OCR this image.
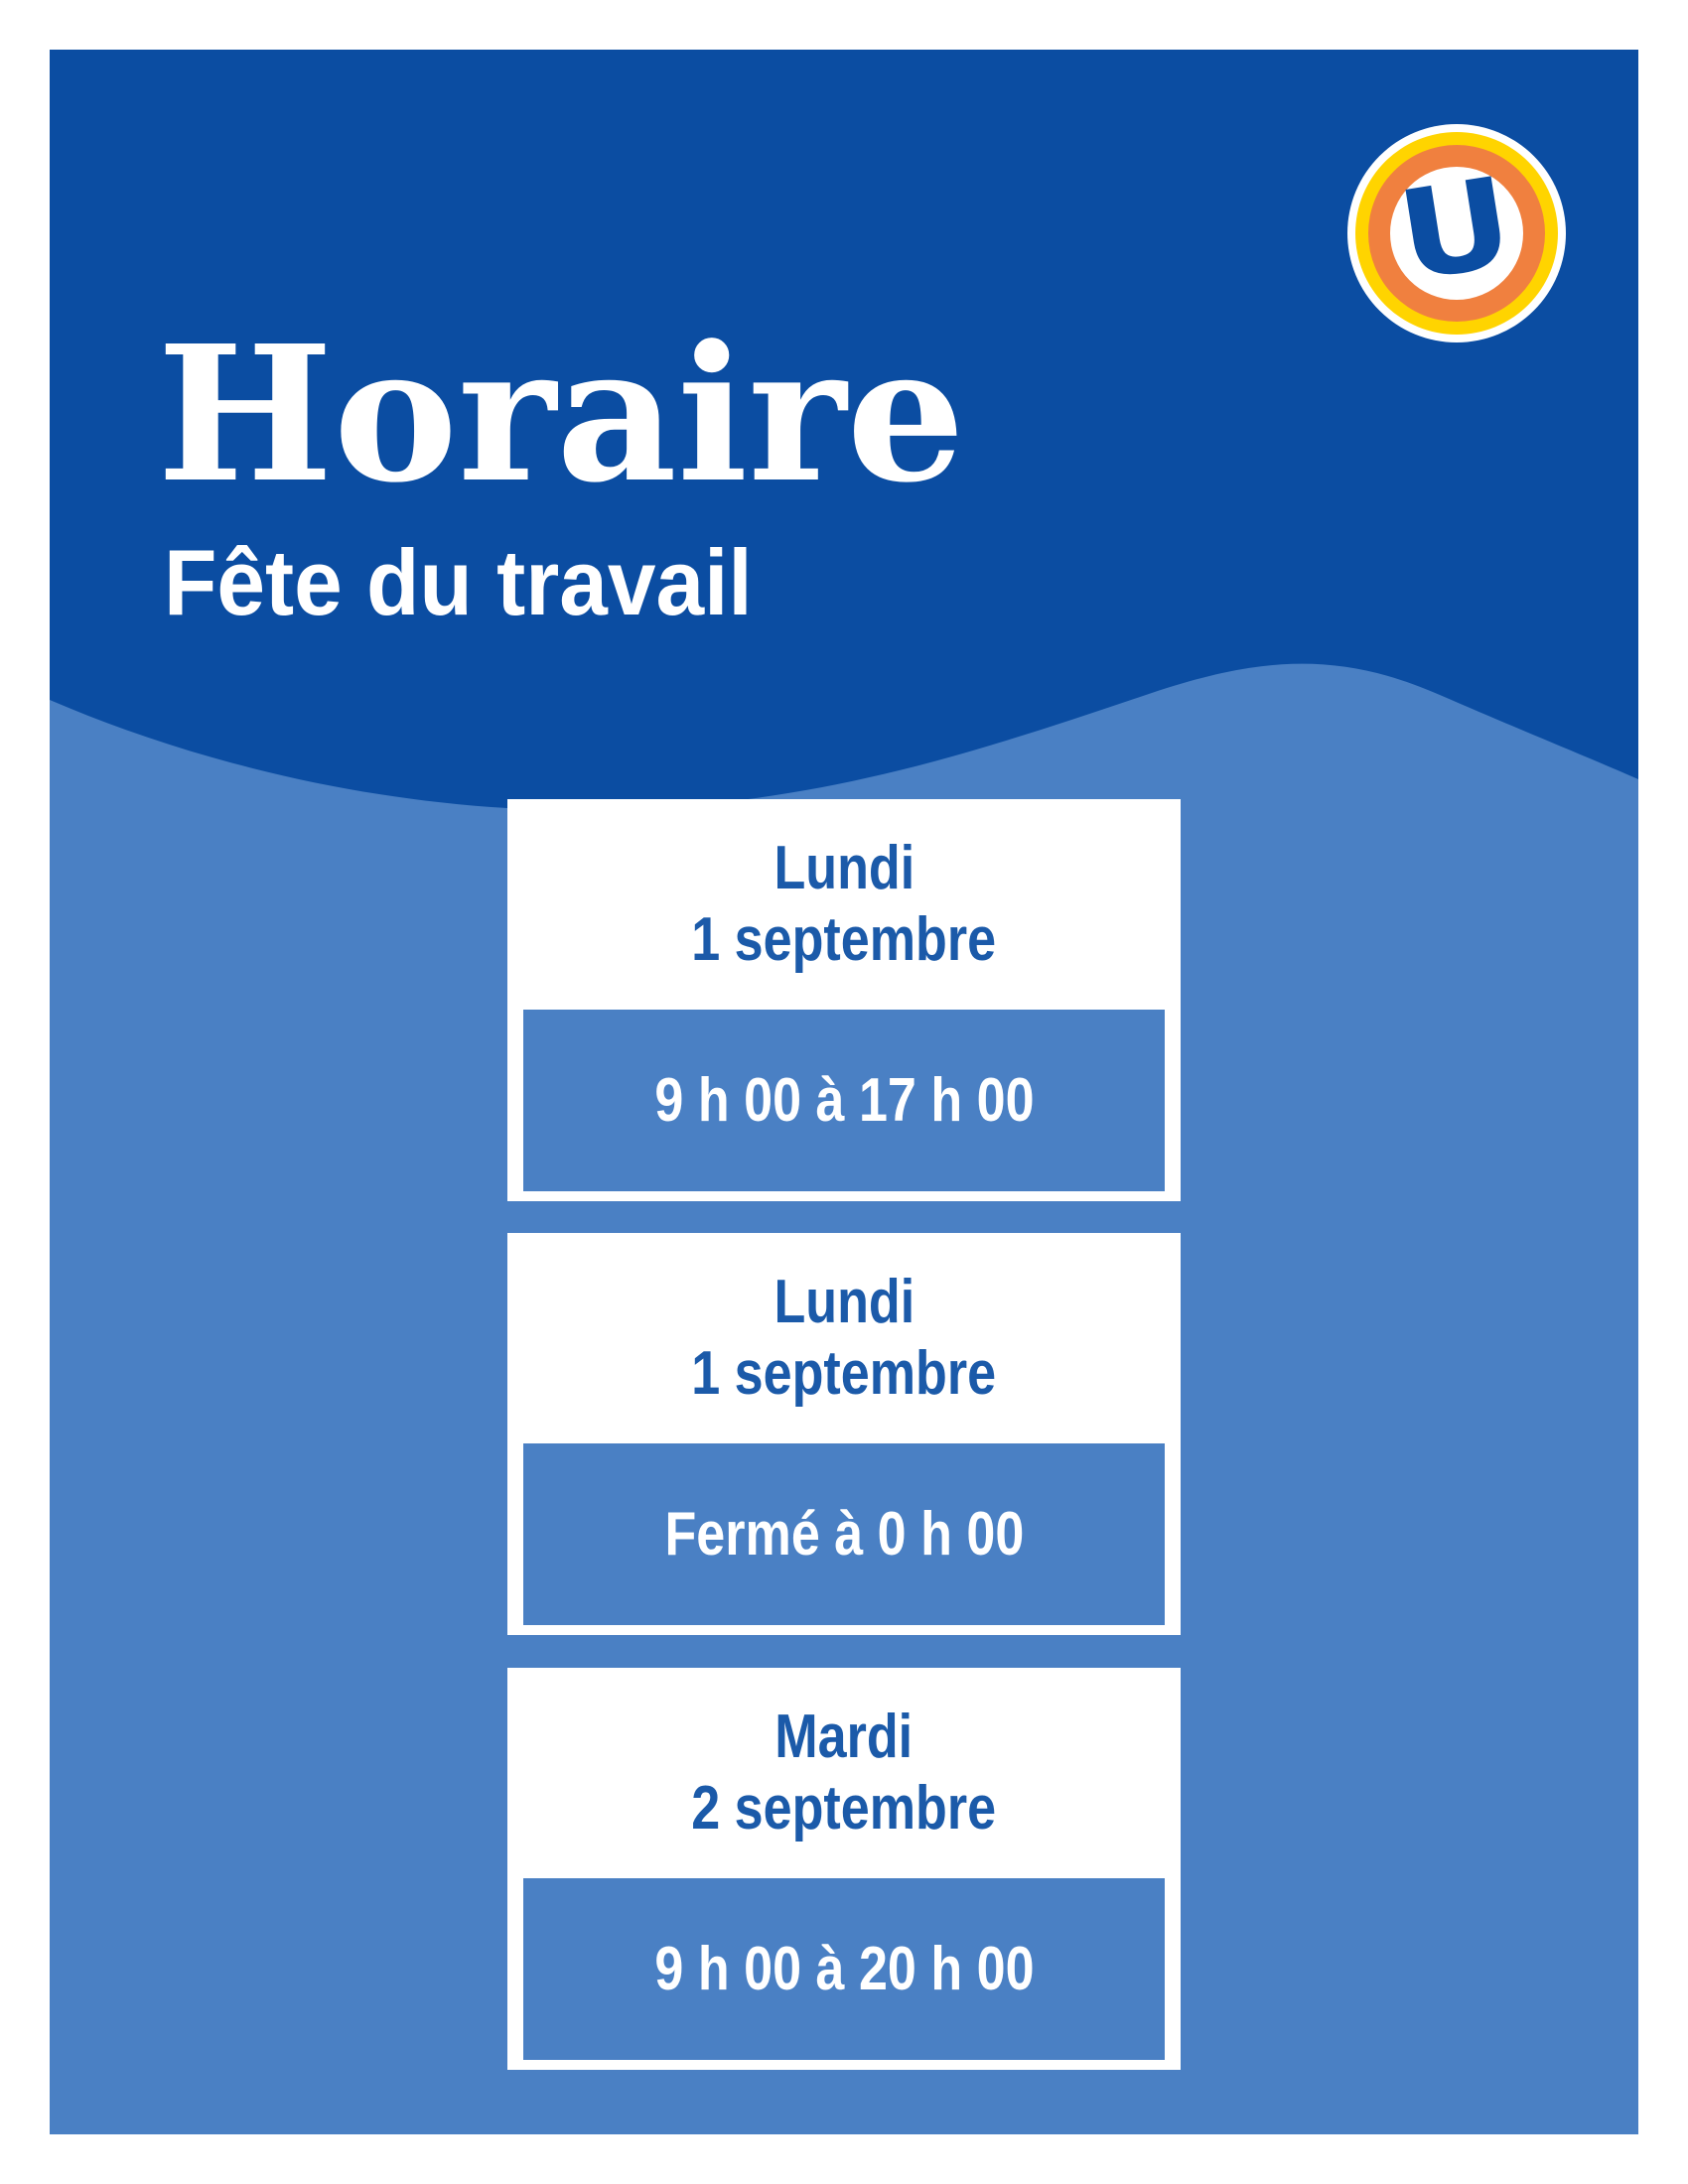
U
Horaire
Fête du travail
Lundi
1 septembre
9 h 00 à 17 h 00
Lundi
1 septembre
Fermé à 0 h 00
Mardi
2 septembre
9 h 00 à 20 h 00
